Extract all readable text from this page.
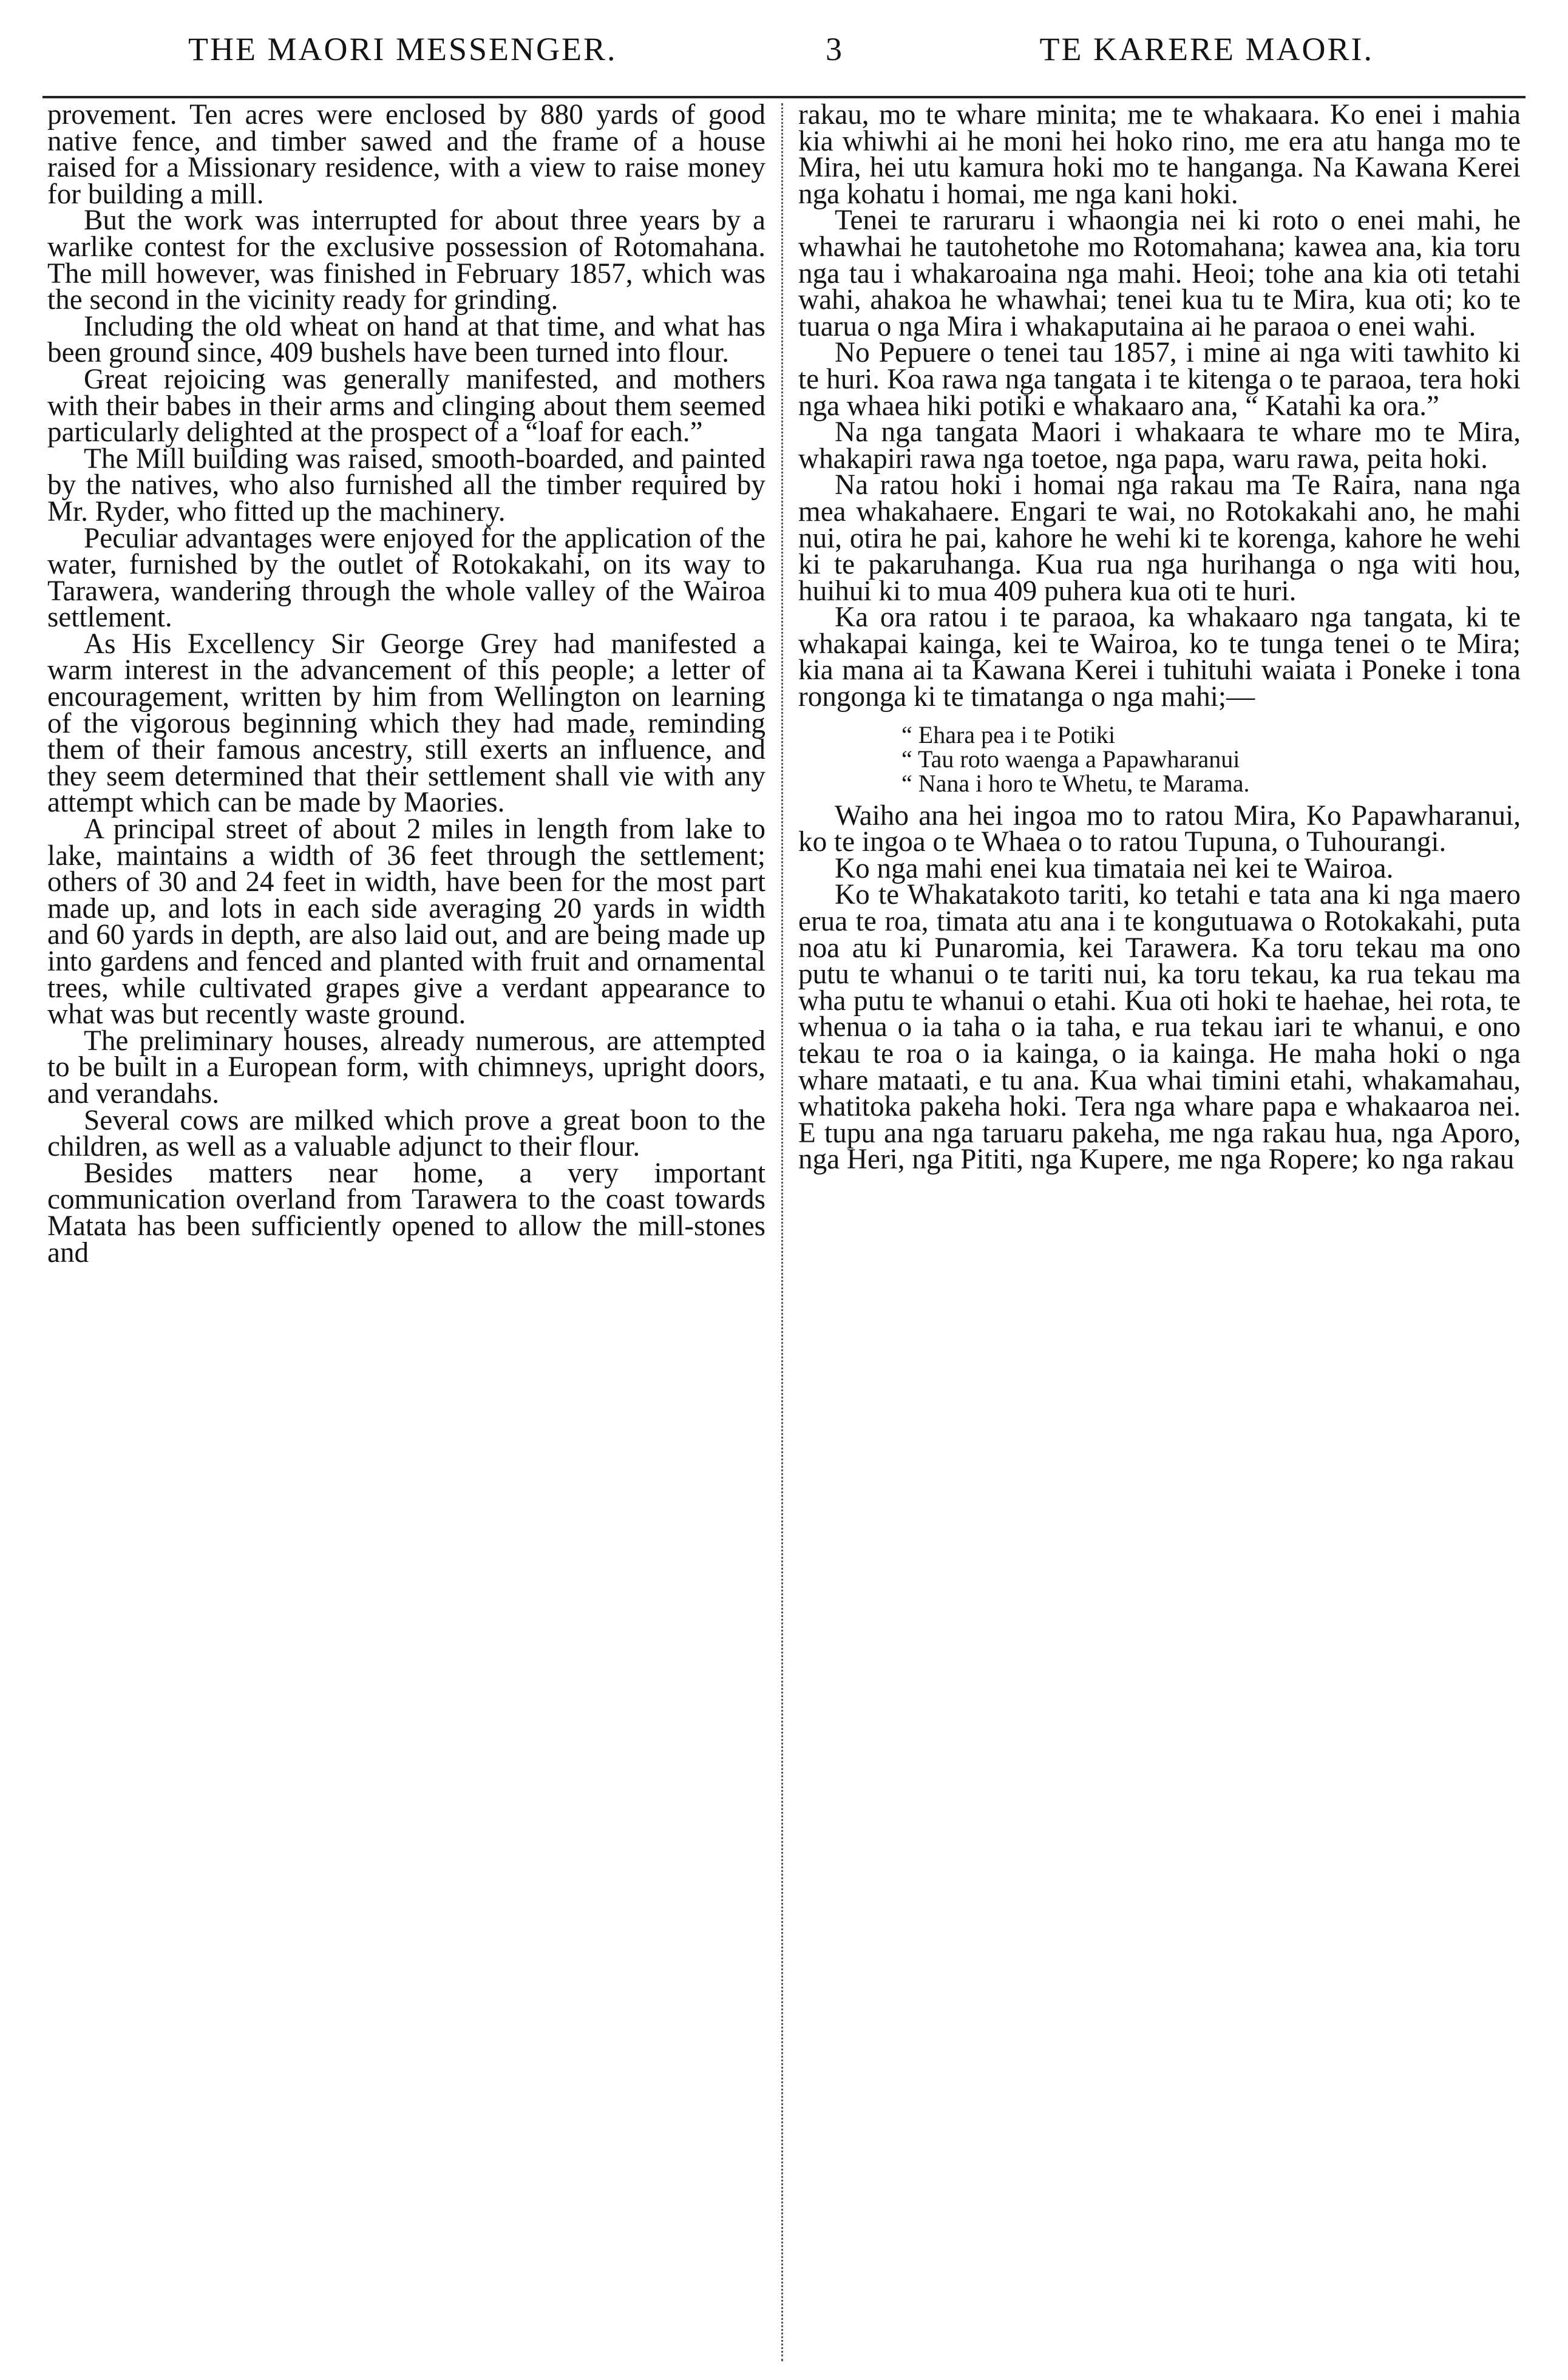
THE MAORI MESSENGER.	3	TE KARERE MAORI.

provement. Ten acres were enclosed by 880 yards of good native fence, and timber sawed and the frame of a house raised for a Missionary residence, with a view to raise money for building a mill.

But the work was interrupted for about three years by a warlike contest for the exclusive possession of Rotomahana. The mill however, was finished in February 1857, which was the second in the vicinity ready for grinding.

Including the old wheat on hand at that time, and what has been ground since, 409 bushels have been turned into flour.

Great rejoicing was generally manifested, and mothers with their babes in their arms and clinging about them seemed particularly delighted at the prospect of a “loaf for each.”

The Mill building was raised, smooth-boarded, and painted by the natives, who also furnished all the timber required by Mr. Ryder, who fitted up the machinery.

Peculiar advantages were enjoyed for the application of the water, furnished by the outlet of Rotokakahi, on its way to Tarawera, wandering through the whole valley of the Wairoa settlement.

As His Excellency Sir George Grey had manifested a warm interest in the advancement of this people; a letter of encouragement, written by him from Wellington on learning of the vigorous beginning which they had made, reminding them of their famous ancestry, still exerts an influence, and they seem determined that their settlement shall vie with any attempt which can be made by Maories.

A principal street of about 2 miles in length from lake to lake, maintains a width of 36 feet through the settlement; others of 30 and 24 feet in width, have been for the most part made up, and lots in each side averaging 20 yards in width and 60 yards in depth, are also laid out, and are being made up into gardens and fenced and planted with fruit and ornamental trees, while cultivated grapes give a verdant appearance to what was but recently waste ground.

The preliminary houses, already numerous, are attempted to be built in a European form, with chimneys, upright doors, and verandahs.

Several cows are milked which prove a great boon to the children, as well as a valuable adjunct to their flour.

Besides matters near home, a very important communication overland from Tarawera to the coast towards Matata has been sufficiently opened to allow the mill-stones and

rakau, mo te whare minita; me te whakaara. Ko enei i mahia kia whiwhi ai he moni hei hoko rino, me era atu hanga mo te Mira, hei utu kamura hoki mo te hanganga. Na Kawana Kerei nga kohatu i homai, me nga kani hoki.

Tenei te raruraru i whaongia nei ki roto o enei mahi, he whawhai he tautohetohe mo Rotomahana; kawea ana, kia toru nga tau i whakaroaina nga mahi. Heoi; tohe ana kia oti tetahi wahi, ahakoa he whawhai; tenei kua tu te Mira, kua oti; ko te tuarua o nga Mira i whakaputaina ai he paraoa o enei wahi.

No Pepuere o tenei tau 1857, i mine ai nga witi tawhito ki te huri. Koa rawa nga tangata i te kitenga o te paraoa, tera hoki nga whaea hiki potiki e whakaaro ana, “ Katahi ka ora.”

Na nga tangata Maori i whakaara te whare mo te Mira, whakapiri rawa nga toetoe, nga papa, waru rawa, peita hoki.

Na ratou hoki i homai nga rakau ma Te Raira, nana nga mea whakahaere. Engari te wai, no Rotokakahi ano, he mahi nui, otira he pai, kahore he wehi ki te korenga, kahore he wehi ki te pakaruhanga. Kua rua nga hurihanga o nga witi hou, huihui ki to mua 409 puhera kua oti te huri.

Ka ora ratou i te paraoa, ka whakaaro nga tangata, ki te whakapai kainga, kei te Wairoa, ko te tunga tenei o te Mira; kia mana ai ta Kawana Kerei i tuhituhi waiata i Poneke i tona rongonga ki te timatanga o nga mahi;—

“ Ehara pea i te Potiki
“ Tau roto waenga a Papawharanui
“ Nana i horo te Whetu, te Marama.

Waiho ana hei ingoa mo to ratou Mira, Ko Papawharanui, ko te ingoa o te Whaea o to ratou Tupuna, o Tuhourangi.

Ko nga mahi enei kua timataia nei kei te Wairoa.

Ko te Whakatakoto tariti, ko tetahi e tata ana ki nga maero erua te roa, timata atu ana i te kongutuawa o Rotokakahi, puta noa atu ki Punaromia, kei Tarawera. Ka toru tekau ma ono putu te whanui o te tariti nui, ka toru tekau, ka rua tekau ma wha putu te whanui o etahi. Kua oti hoki te haehae, hei rota, te whenua o ia taha o ia taha, e rua tekau iari te whanui, e ono tekau te roa o ia kainga, o ia kainga. He maha hoki o nga whare mataati, e tu ana. Kua whai timini etahi, whakamahau, whatitoka pakeha hoki. Tera nga whare papa e whakaaroa nei. E tupu ana nga taruaru pakeha, me nga rakau hua, nga Aporo, nga Heri, nga Pititi, nga Kupere, me nga Ropere; ko nga rakau
